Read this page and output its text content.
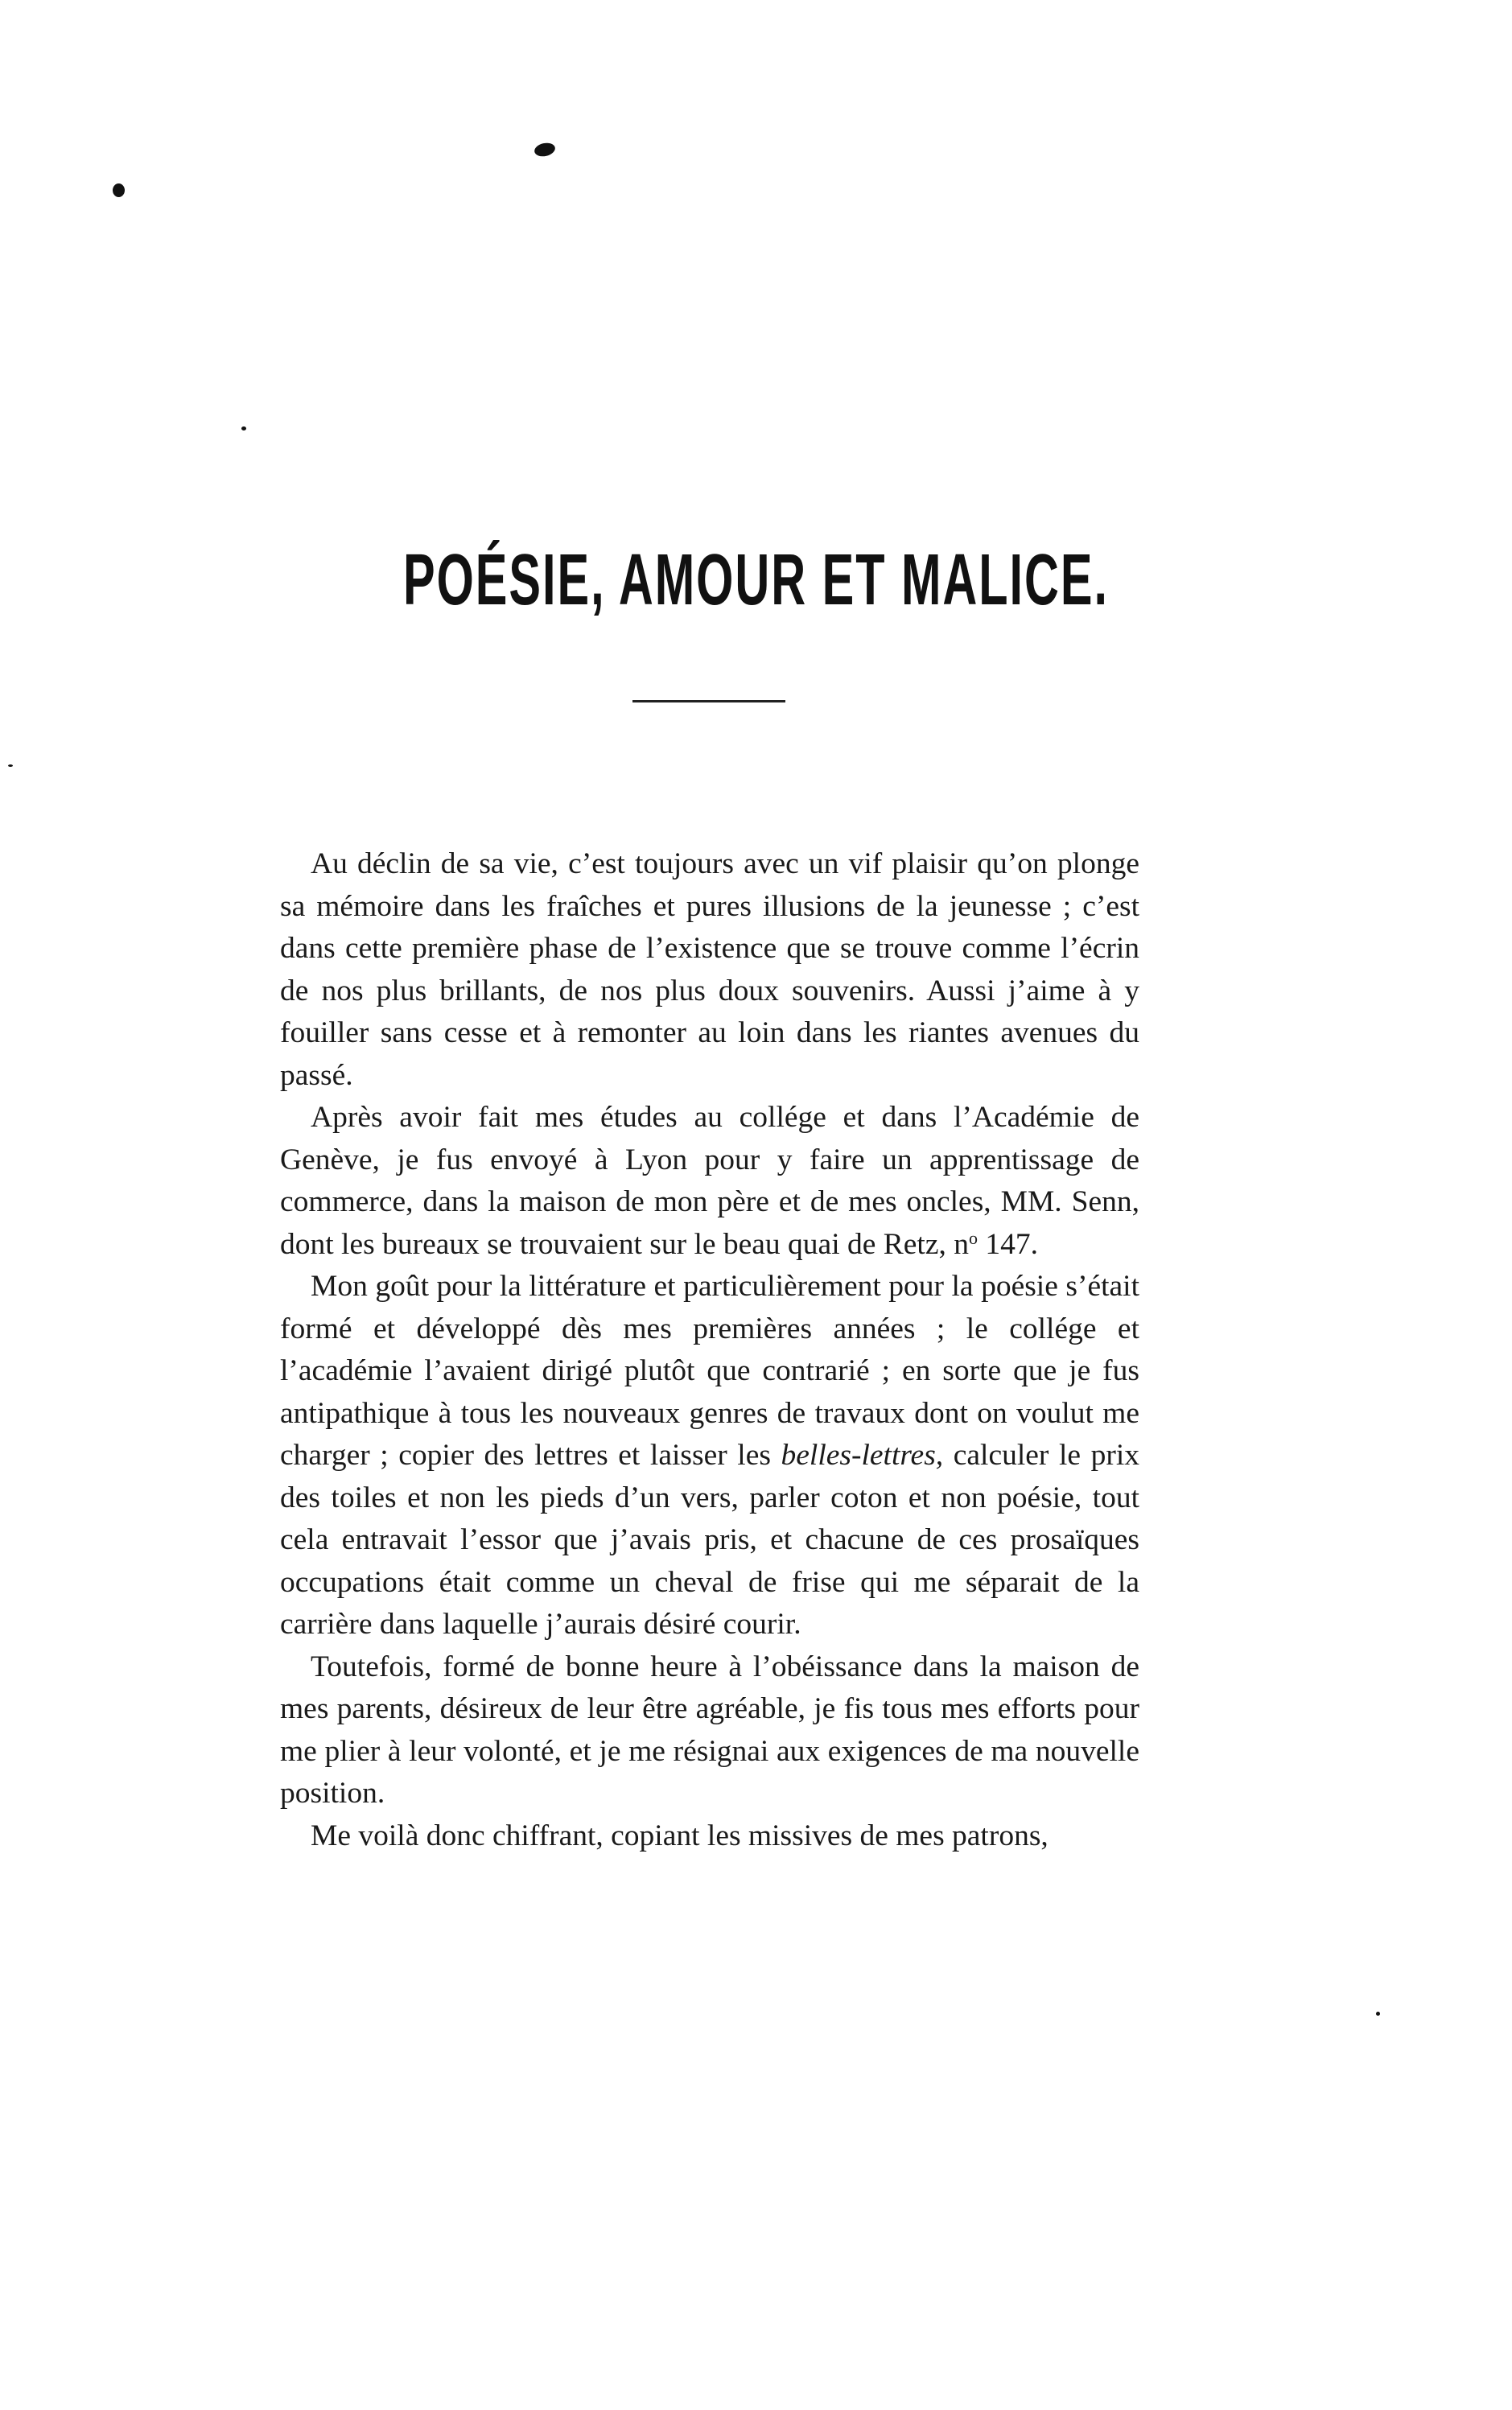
POÉSIE, AMOUR ET MALICE.

Au déclin de sa vie, c’est toujours avec un vif plaisir qu’on plonge sa mémoire dans les fraîches et pures illusions de la jeunesse ; c’est dans cette première phase de l’existence que se trouve comme l’écrin de nos plus brillants, de nos plus doux souvenirs. Aussi j’aime à y fouiller sans cesse et à remonter au loin dans les riantes avenues du passé.

Après avoir fait mes études au collége et dans l’Académie de Genève, je fus envoyé à Lyon pour y faire un apprentissage de commerce, dans la maison de mon père et de mes oncles, MM. Senn, dont les bureaux se trouvaient sur le beau quai de Retz, $n^o$ 147.

Mon goût pour la littérature et particulièrement pour la poésie s’était formé et développé dès mes premières années ; le collége et l’académie l’avaient dirigé plutôt que contrarié ; en sorte que je fus antipathique à tous les nouveaux genres de travaux dont on voulut me charger ; copier des lettres et laisser les belles-lettres, calculer le prix des toiles et non les pieds d’un vers, parler coton et non poésie, tout cela entravait l’essor que j’avais pris, et chacune de ces prosaïques occupations était comme un cheval de frise qui me séparait de la carrière dans laquelle j’aurais désiré courir.

Toutefois, formé de bonne heure à l’obéissance dans la maison de mes parents, désireux de leur être agréable, je fis tous mes efforts pour me plier à leur volonté, et je me résignai aux exigences de ma nouvelle position.

Me voilà donc chiffrant, copiant les missives de mes patrons,
